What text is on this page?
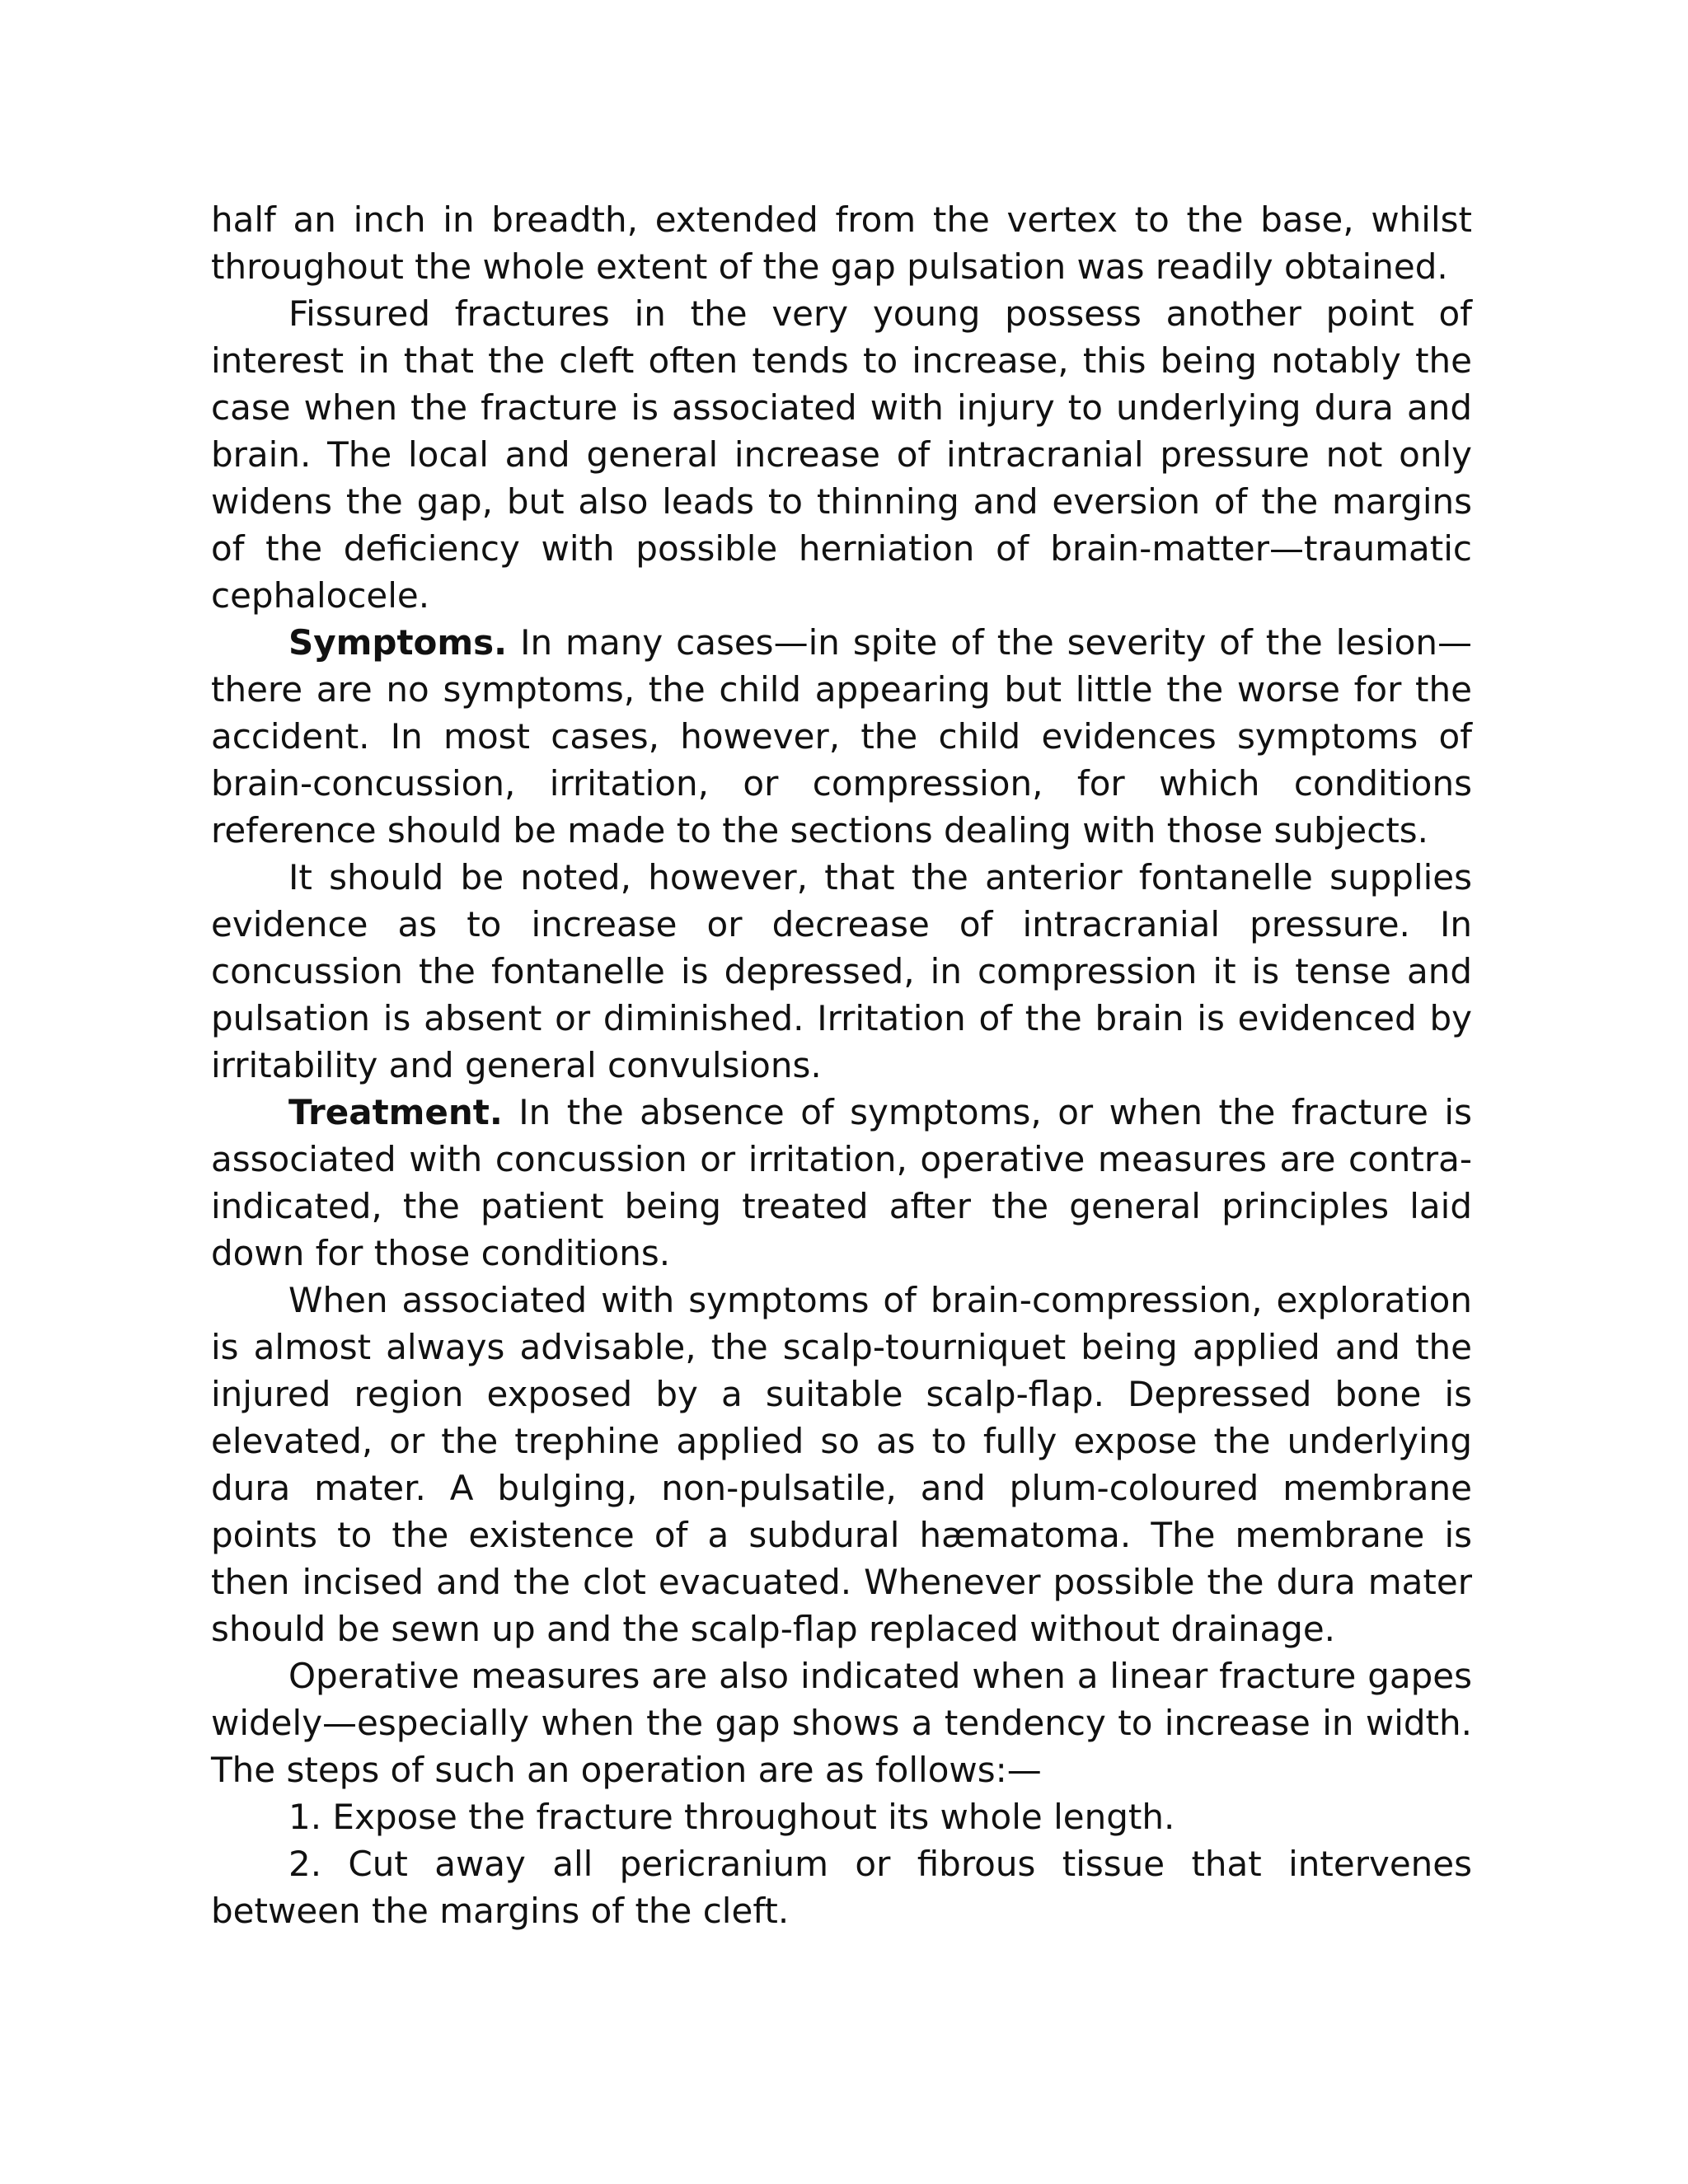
half an inch in breadth, extended from the vertex to the base, whilst throughout the whole extent of the gap pulsation was readily obtained.

Fissured fractures in the very young possess another point of interest in that the cleft often tends to increase, this being notably the case when the fracture is associated with injury to underlying dura and brain. The local and general increase of intracranial pressure not only widens the gap, but also leads to thinning and eversion of the margins of the deficiency with possible herniation of brain-matter—traumatic cephalocele.

Symptoms. In many cases—in spite of the severity of the lesion—there are no symptoms, the child appearing but little the worse for the accident. In most cases, however, the child evidences symptoms of brain-concussion, irritation, or compression, for which conditions reference should be made to the sections dealing with those subjects.

It should be noted, however, that the anterior fontanelle supplies evidence as to increase or decrease of intracranial pressure. In concussion the fontanelle is depressed, in compression it is tense and pulsation is absent or diminished. Irritation of the brain is evidenced by irritability and general convulsions.

Treatment. In the absence of symptoms, or when the fracture is associated with concussion or irritation, operative measures are contra-indicated, the patient being treated after the general principles laid down for those conditions.

When associated with symptoms of brain-compression, exploration is almost always advisable, the scalp-tourniquet being applied and the injured region exposed by a suitable scalp-flap. Depressed bone is elevated, or the trephine applied so as to fully expose the underlying dura mater. A bulging, non-pulsatile, and plum-coloured membrane points to the existence of a subdural hæmatoma. The membrane is then incised and the clot evacuated. Whenever possible the dura mater should be sewn up and the scalp-flap replaced without drainage.

Operative measures are also indicated when a linear fracture gapes widely—especially when the gap shows a tendency to increase in width. The steps of such an operation are as follows:—

1. Expose the fracture throughout its whole length.

2. Cut away all pericranium or fibrous tissue that intervenes between the margins of the cleft.
